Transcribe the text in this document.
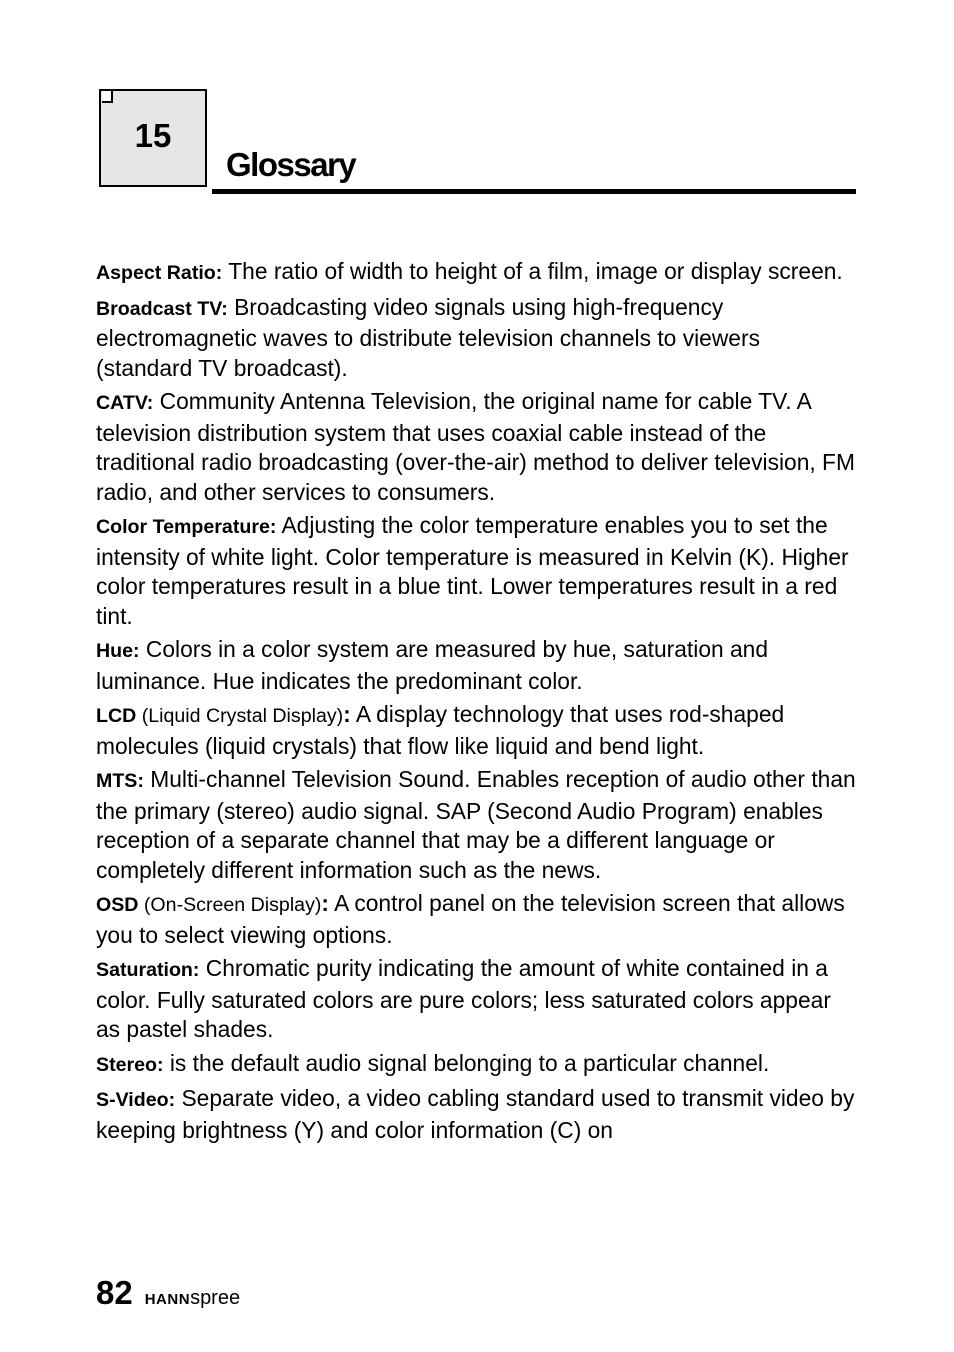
15
Glossary

Aspect Ratio: The ratio of width to height of a film, image or display screen.

Broadcast TV: Broadcasting video signals using high-frequency electromagnetic waves to distribute television channels to viewers (standard TV broadcast).

CATV: Community Antenna Television, the original name for cable TV. A television distribution system that uses coaxial cable instead of the traditional radio broadcasting (over-the-air) method to deliver television, FM radio, and other services to consumers.

Color Temperature: Adjusting the color temperature enables you to set the intensity of white light. Color temperature is measured in Kelvin (K). Higher color temperatures result in a blue tint. Lower temperatures result in a red tint.

Hue: Colors in a color system are measured by hue, saturation and luminance. Hue indicates the predominant color.

LCD (Liquid Crystal Display): A display technology that uses rod-shaped molecules (liquid crystals) that flow like liquid and bend light.

MTS: Multi-channel Television Sound. Enables reception of audio other than the primary (stereo) audio signal. SAP (Second Audio Program) enables reception of a separate channel that may be a different language or completely different information such as the news.

OSD (On-Screen Display): A control panel on the television screen that allows you to select viewing options.

Saturation: Chromatic purity indicating the amount of white contained in a color. Fully saturated colors are pure colors; less saturated colors appear as pastel shades.

Stereo: is the default audio signal belonging to a particular channel.

S-Video: Separate video, a video cabling standard used to transmit video by keeping brightness (Y) and color information (C) on

82 HANNspree
